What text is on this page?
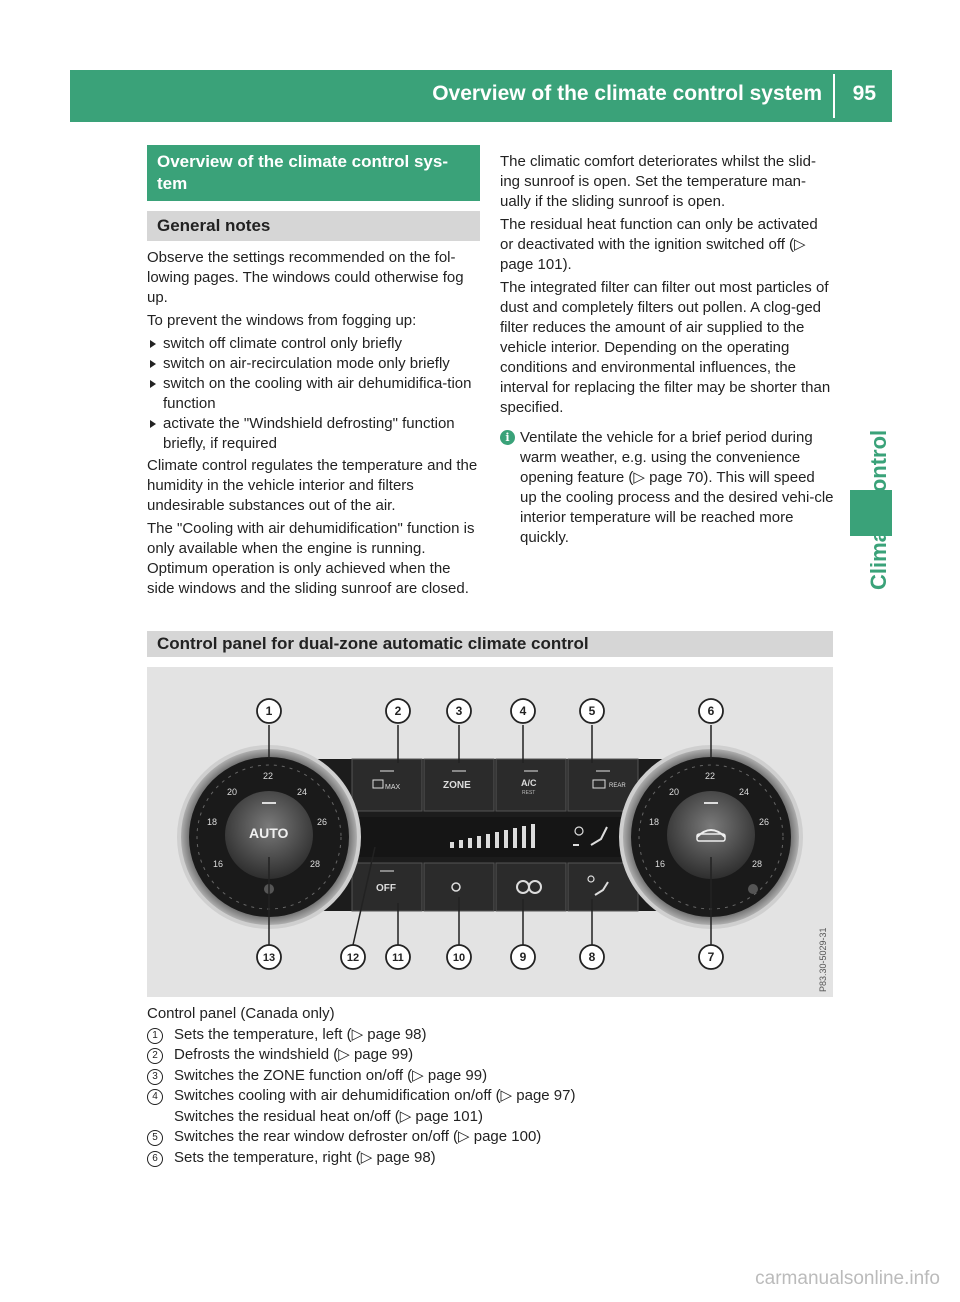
Overview of the climate control system 95
Overview of the climate control sys-tem
General notes

Observe the settings recommended on the fol-lowing pages. The windows could otherwise fog up.

To prevent the windows from fogging up:

switch off climate control only briefly
switch on air-recirculation mode only briefly
switch on the cooling with air dehumidifica-tion function
activate the "Windshield defrosting" function briefly, if required

Climate control regulates the temperature and the humidity in the vehicle interior and filters undesirable substances out of the air.

The "Cooling with air dehumidification" function is only available when the engine is running. Optimum operation is only achieved when the side windows and the sliding sunroof are closed.

The climatic comfort deteriorates whilst the slid-ing sunroof is open. Set the temperature man-ually if the sliding sunroof is open.

The residual heat function can only be activated or deactivated with the ignition switched off (▷ page 101).

The integrated filter can filter out most particles of dust and completely filters out pollen. A clog-ged filter reduces the amount of air supplied to the vehicle interior. Depending on the operating conditions and environmental influences, the interval for replacing the filter may be shorter than specified.

i Ventilate the vehicle for a brief period during warm weather, e.g. using the convenience opening feature (▷ page 70). This will speed up the cooling process and the desired vehi-cle interior temperature will be reached more quickly.
Control panel for dual-zone automatic climate control
MAX	ZONE	A/C
REST
REAR
OFF
AUTO
16
18
20
22
24
26
28	16
18
20
22
24
26
28
1	2	3	4	5	6
13	12	11	10	9	8	7	P83.30-5029-31
Control panel (Canada only)
1	Sets the temperature, left (▷ page 98)
2	Defrosts the windshield (▷ page 99)
3	Switches the ZONE function on/off (▷ page 99)
4	Switches cooling with air dehumidification on/off (▷ page 97)
Switches the residual heat on/off (▷ page 101)
5	Switches the rear window defroster on/off (▷ page 100)
6	Sets the temperature, right (▷ page 98)
carmanualsonline.info
